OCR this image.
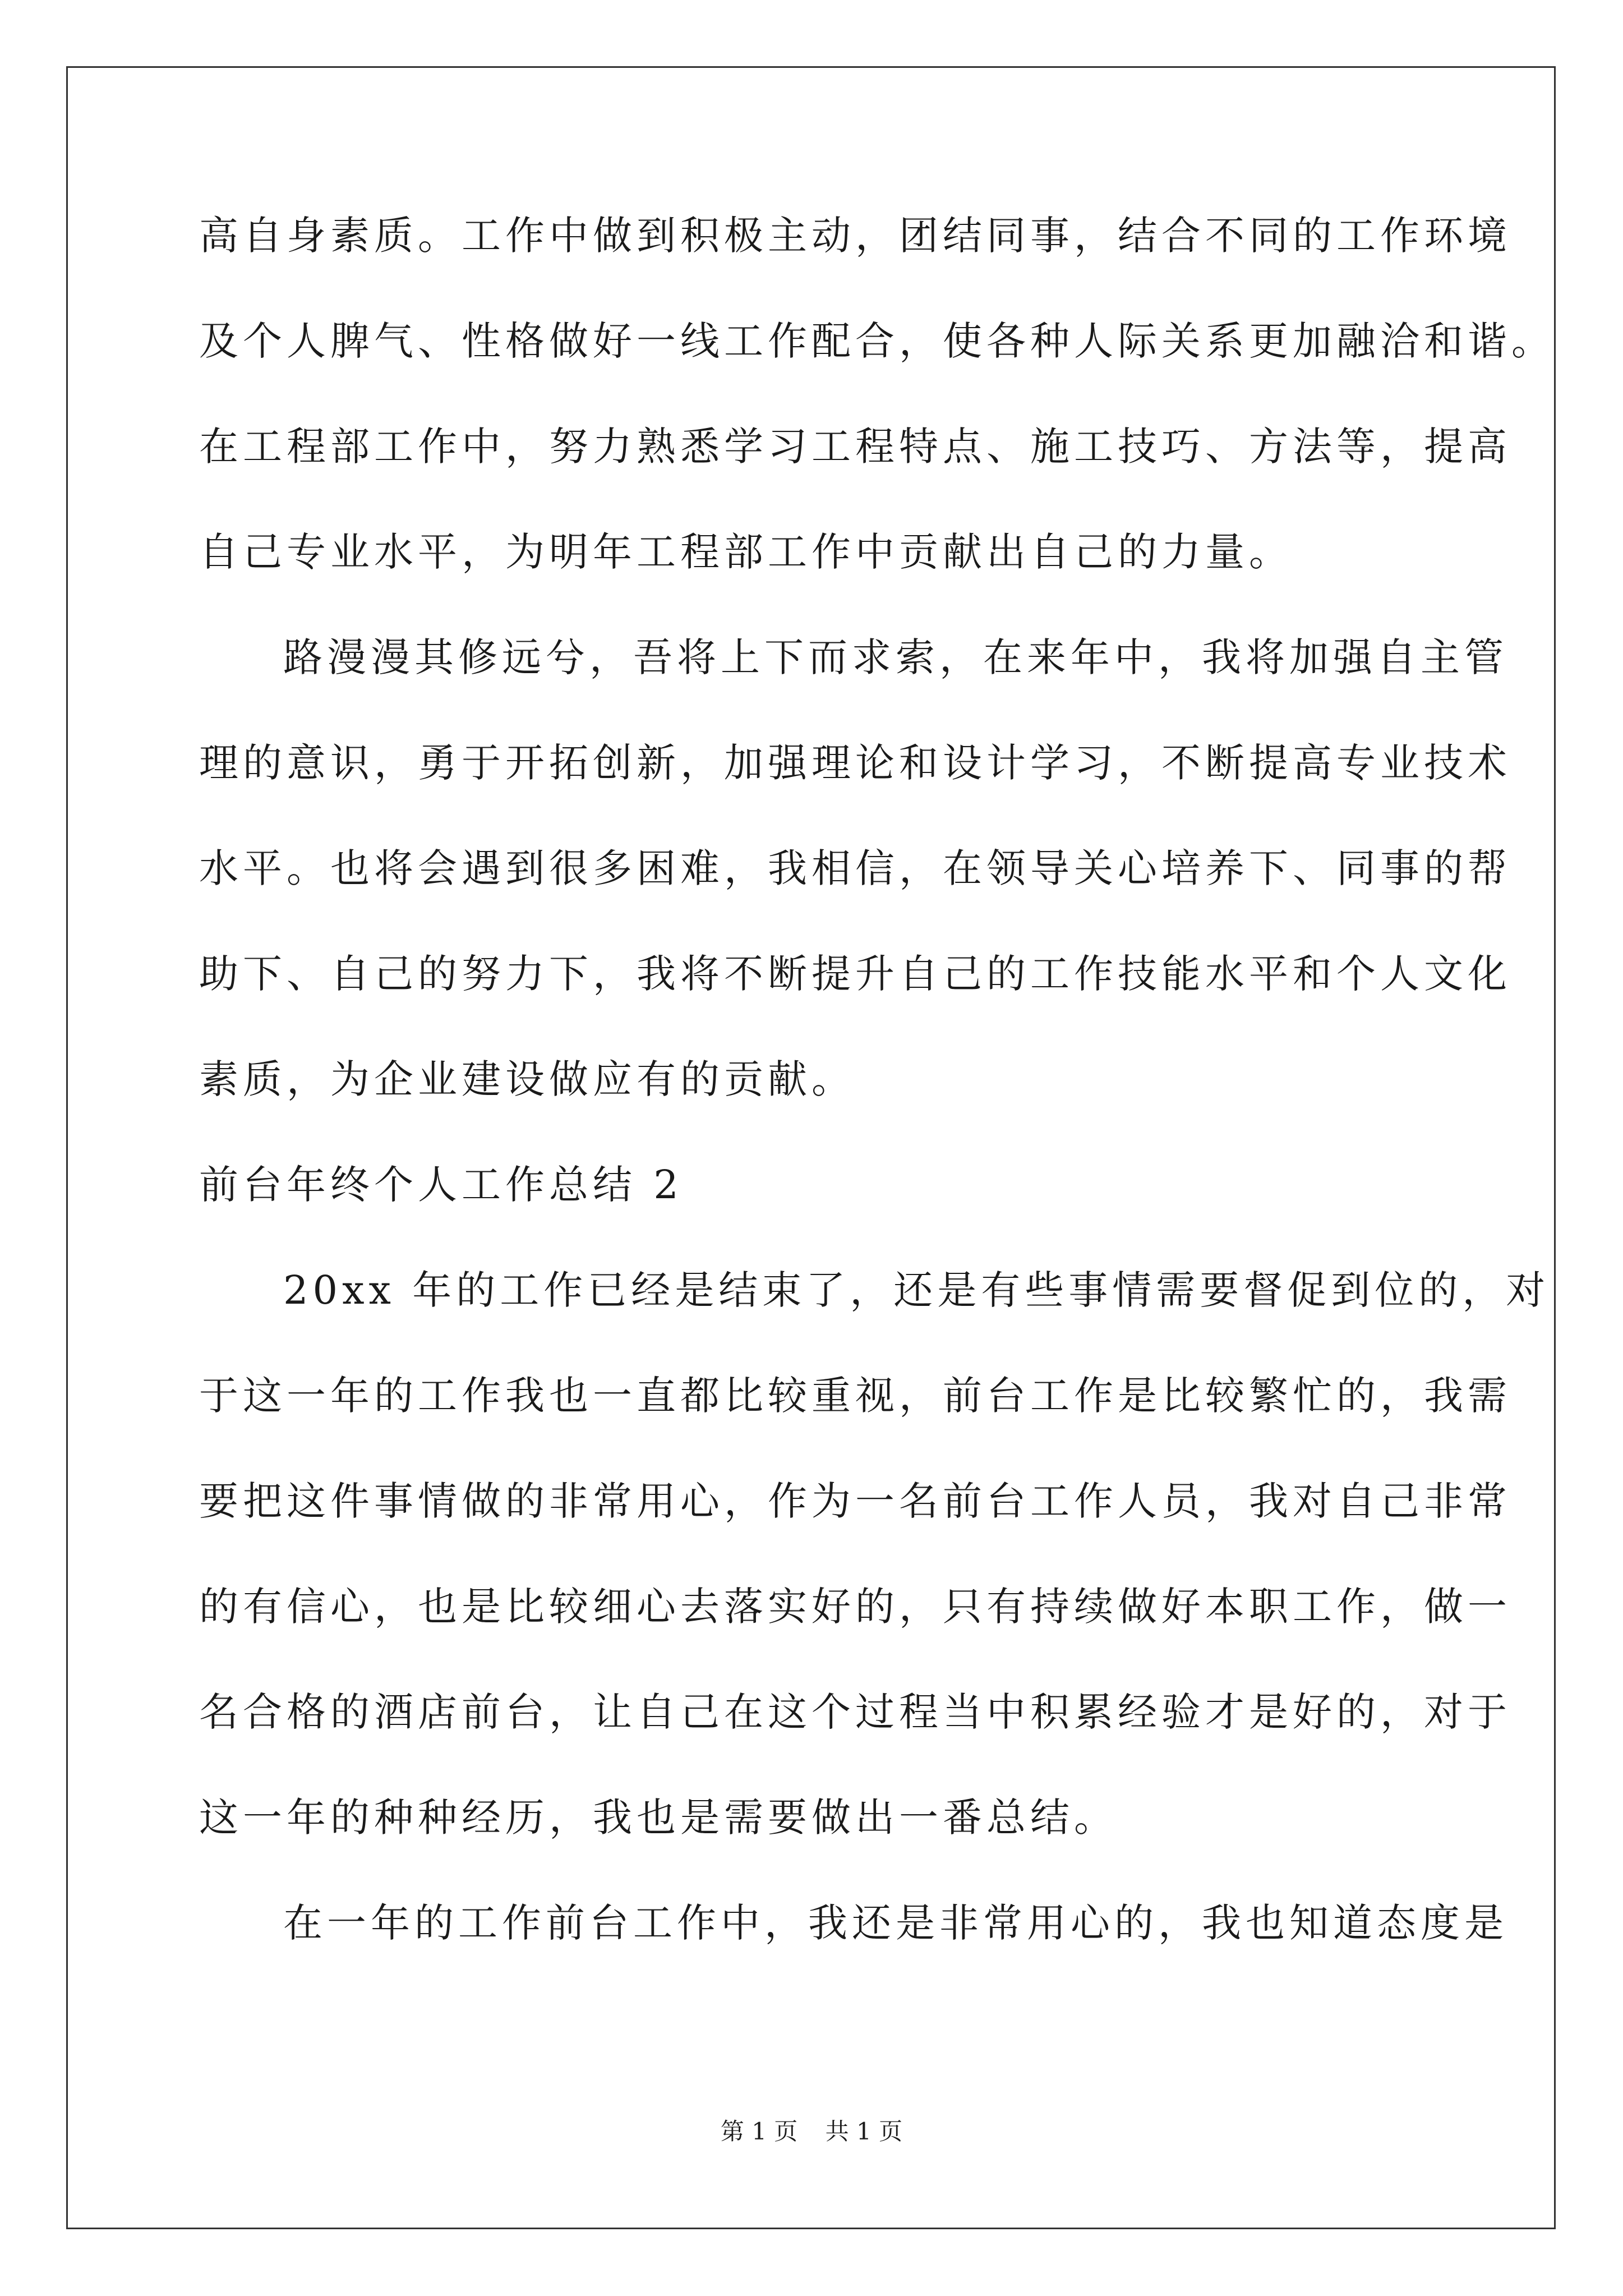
高自身素质。工作中做到积极主动，团结同事，结合不同的工作环境
及个人脾气、性格做好一线工作配合，使各种人际关系更加融洽和谐。
在工程部工作中，努力熟悉学习工程特点、施工技巧、方法等，提高
自己专业水平，为明年工程部工作中贡献出自己的力量。
路漫漫其修远兮，吾将上下而求索，在来年中，我将加强自主管
理的意识，勇于开拓创新，加强理论和设计学习，不断提高专业技术
水平。也将会遇到很多困难，我相信，在领导关心培养下、同事的帮
助下、自己的努力下，我将不断提升自己的工作技能水平和个人文化
素质，为企业建设做应有的贡献。
前台年终个人工作总结 2
20xx 年的工作已经是结束了，还是有些事情需要督促到位的，对
于这一年的工作我也一直都比较重视，前台工作是比较繁忙的，我需
要把这件事情做的非常用心，作为一名前台工作人员，我对自己非常
的有信心，也是比较细心去落实好的，只有持续做好本职工作，做一
名合格的酒店前台，让自己在这个过程当中积累经验才是好的，对于
这一年的种种经历，我也是需要做出一番总结。
在一年的工作前台工作中，我还是非常用心的，我也知道态度是
第 1 页 共 1 页
